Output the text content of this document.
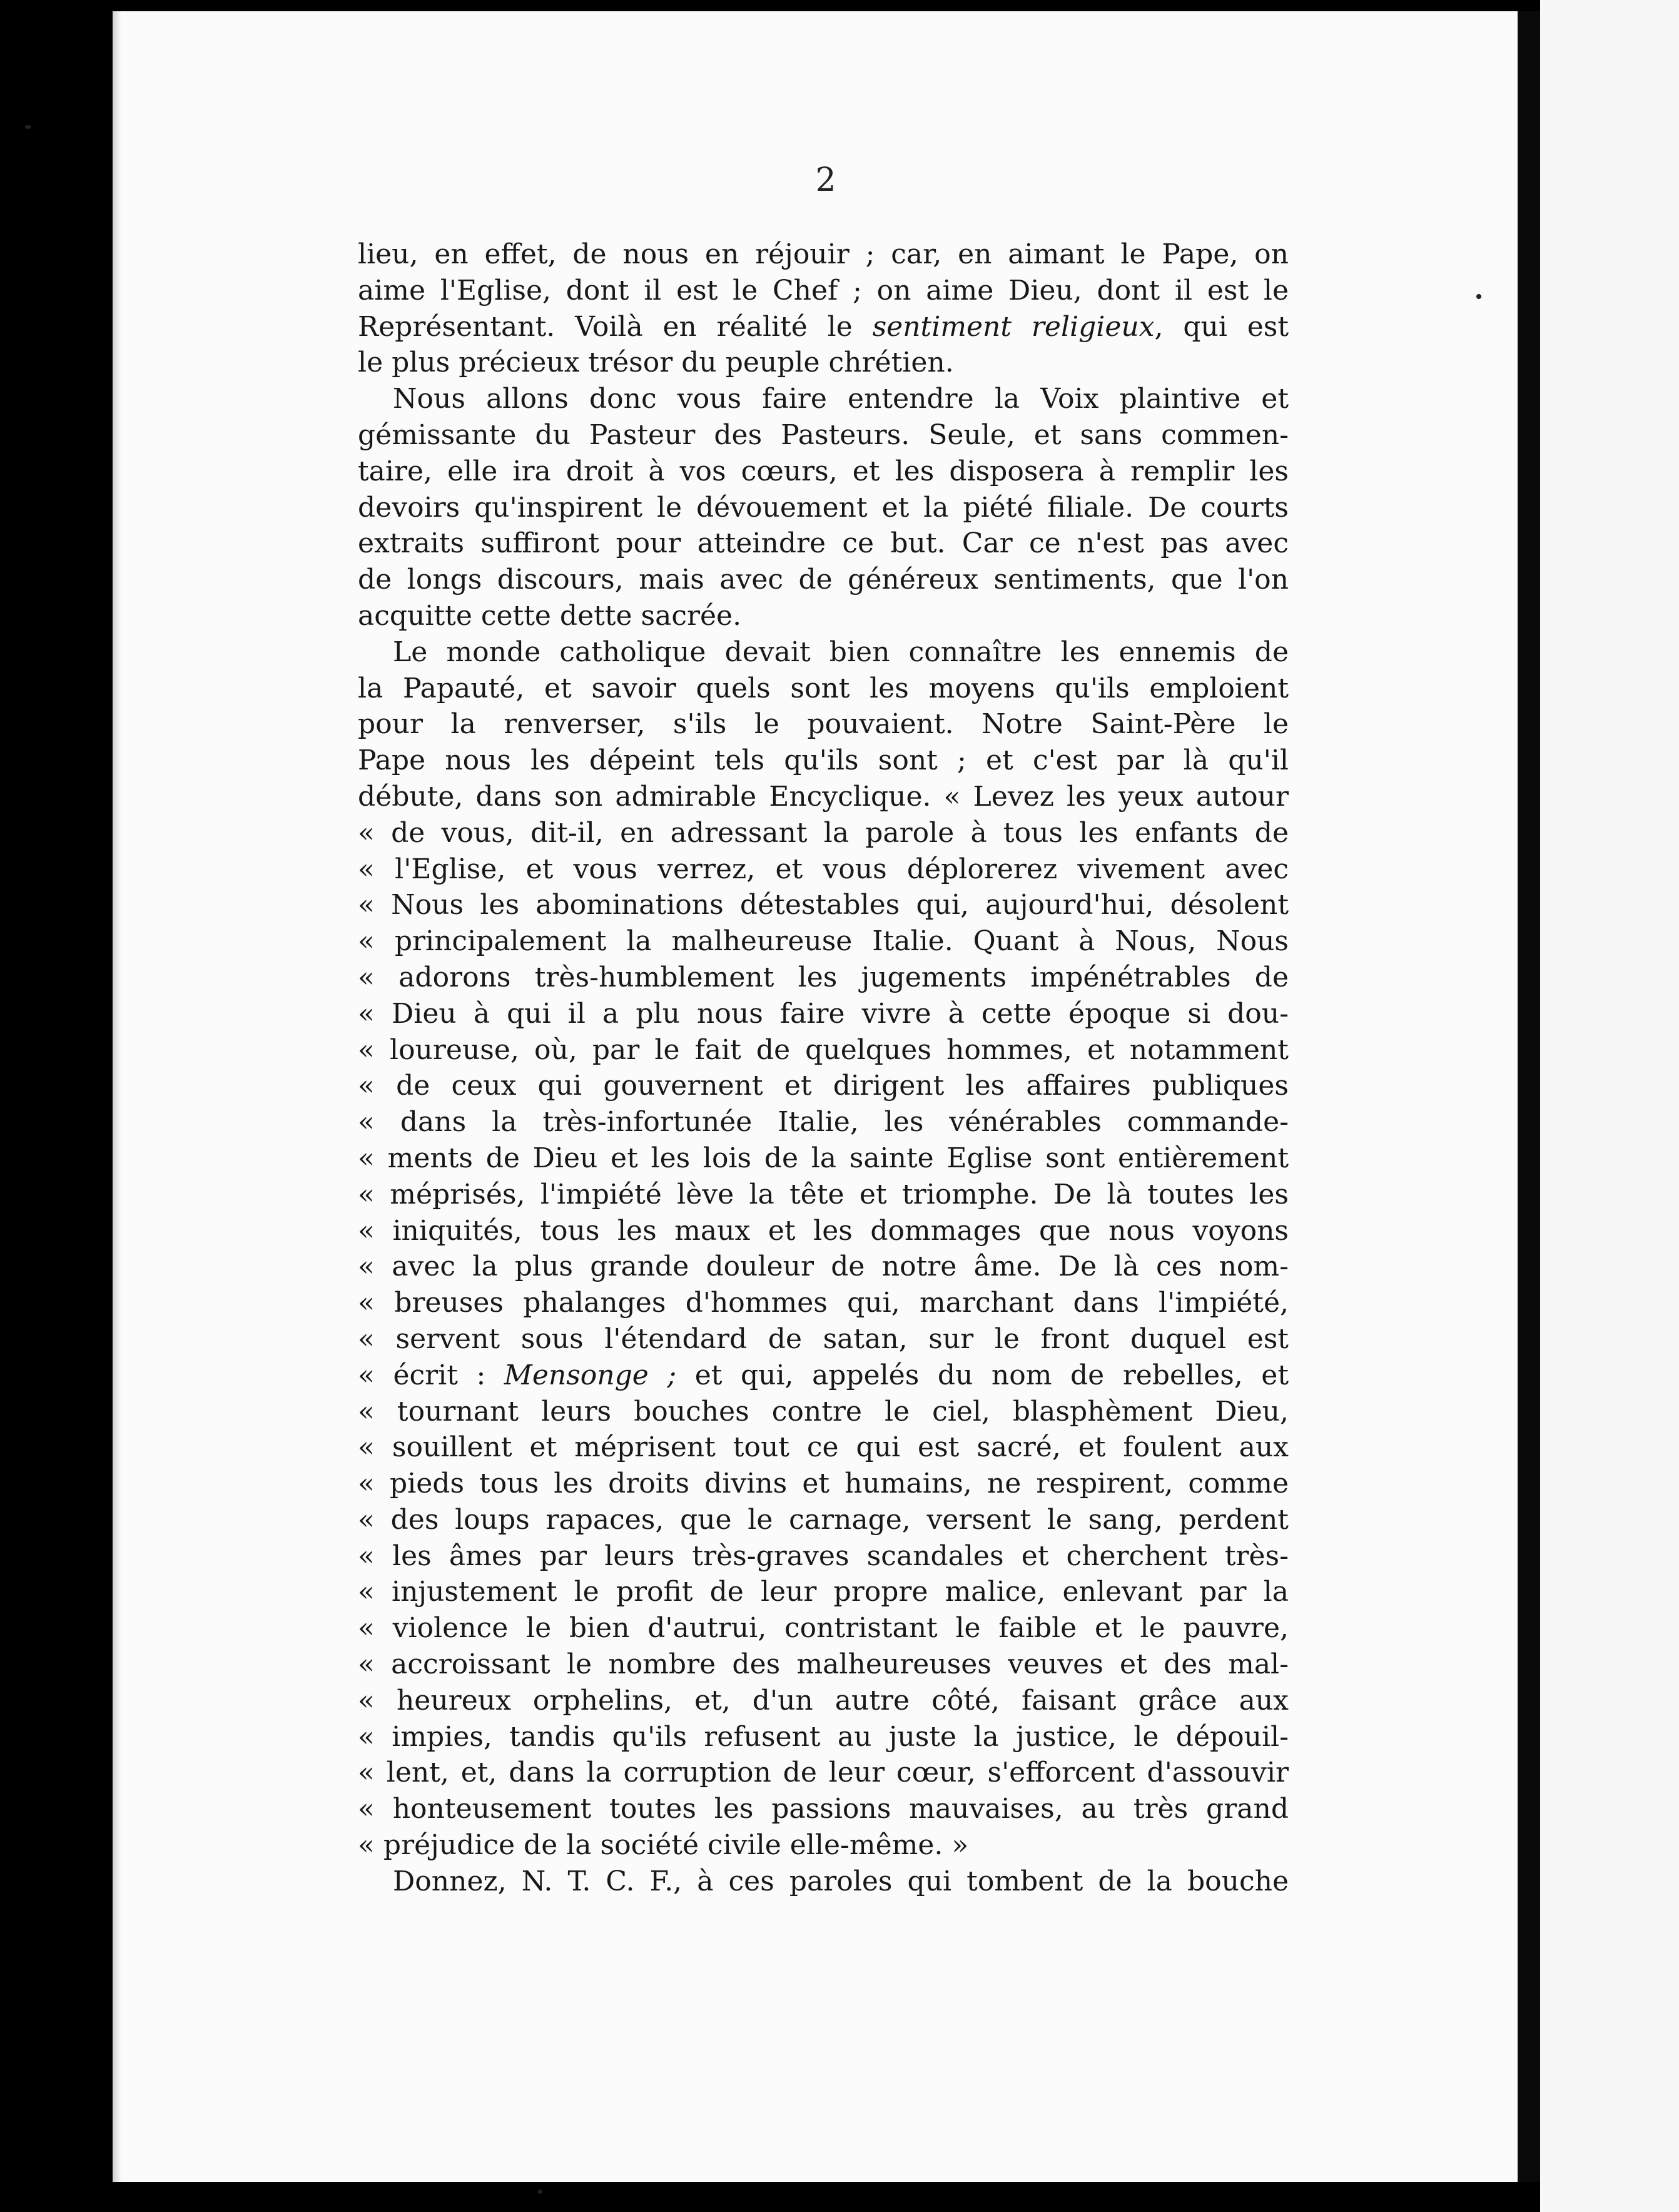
2
lieu, en effet, de nous en réjouir ; car, en aimant le Pape, on
aime l'Eglise, dont il est le Chef ; on aime Dieu, dont il est le
Représentant. Voilà en réalité le sentiment religieux, qui est
le plus précieux trésor du peuple chrétien.
Nous allons donc vous faire entendre la Voix plaintive et
gémissante du Pasteur des Pasteurs. Seule, et sans commen-
taire, elle ira droit à vos cœurs, et les disposera à remplir les
devoirs qu'inspirent le dévouement et la piété filiale. De courts
extraits suffiront pour atteindre ce but. Car ce n'est pas avec
de longs discours, mais avec de généreux sentiments, que l'on
acquitte cette dette sacrée.
Le monde catholique devait bien connaître les ennemis de
la Papauté, et savoir quels sont les moyens qu'ils emploient
pour la renverser, s'ils le pouvaient. Notre Saint-Père le
Pape nous les dépeint tels qu'ils sont ; et c'est par là qu'il
débute, dans son admirable Encyclique. « Levez les yeux autour
« de vous, dit-il, en adressant la parole à tous les enfants de
« l'Eglise, et vous verrez, et vous déplorerez vivement avec
« Nous les abominations détestables qui, aujourd'hui, désolent
« principalement la malheureuse Italie. Quant à Nous, Nous
« adorons très-humblement les jugements impénétrables de
« Dieu à qui il a plu nous faire vivre à cette époque si dou-
« loureuse, où, par le fait de quelques hommes, et notamment
« de ceux qui gouvernent et dirigent les affaires publiques
« dans la très-infortunée Italie, les vénérables commande-
« ments de Dieu et les lois de la sainte Eglise sont entièrement
« méprisés, l'impiété lève la tête et triomphe. De là toutes les
« iniquités, tous les maux et les dommages que nous voyons
« avec la plus grande douleur de notre âme. De là ces nom-
« breuses phalanges d'hommes qui, marchant dans l'impiété,
« servent sous l'étendard de satan, sur le front duquel est
« écrit : Mensonge ; et qui, appelés du nom de rebelles, et
« tournant leurs bouches contre le ciel, blasphèment Dieu,
« souillent et méprisent tout ce qui est sacré, et foulent aux
« pieds tous les droits divins et humains, ne respirent, comme
« des loups rapaces, que le carnage, versent le sang, perdent
« les âmes par leurs très-graves scandales et cherchent très-
« injustement le profit de leur propre malice, enlevant par la
« violence le bien d'autrui, contristant le faible et le pauvre,
« accroissant le nombre des malheureuses veuves et des mal-
« heureux orphelins, et, d'un autre côté, faisant grâce aux
« impies, tandis qu'ils refusent au juste la justice, le dépouil-
« lent, et, dans la corruption de leur cœur, s'efforcent d'assouvir
« honteusement toutes les passions mauvaises, au très grand
« préjudice de la société civile elle-même. »
Donnez, N. T. C. F., à ces paroles qui tombent de la bouche
